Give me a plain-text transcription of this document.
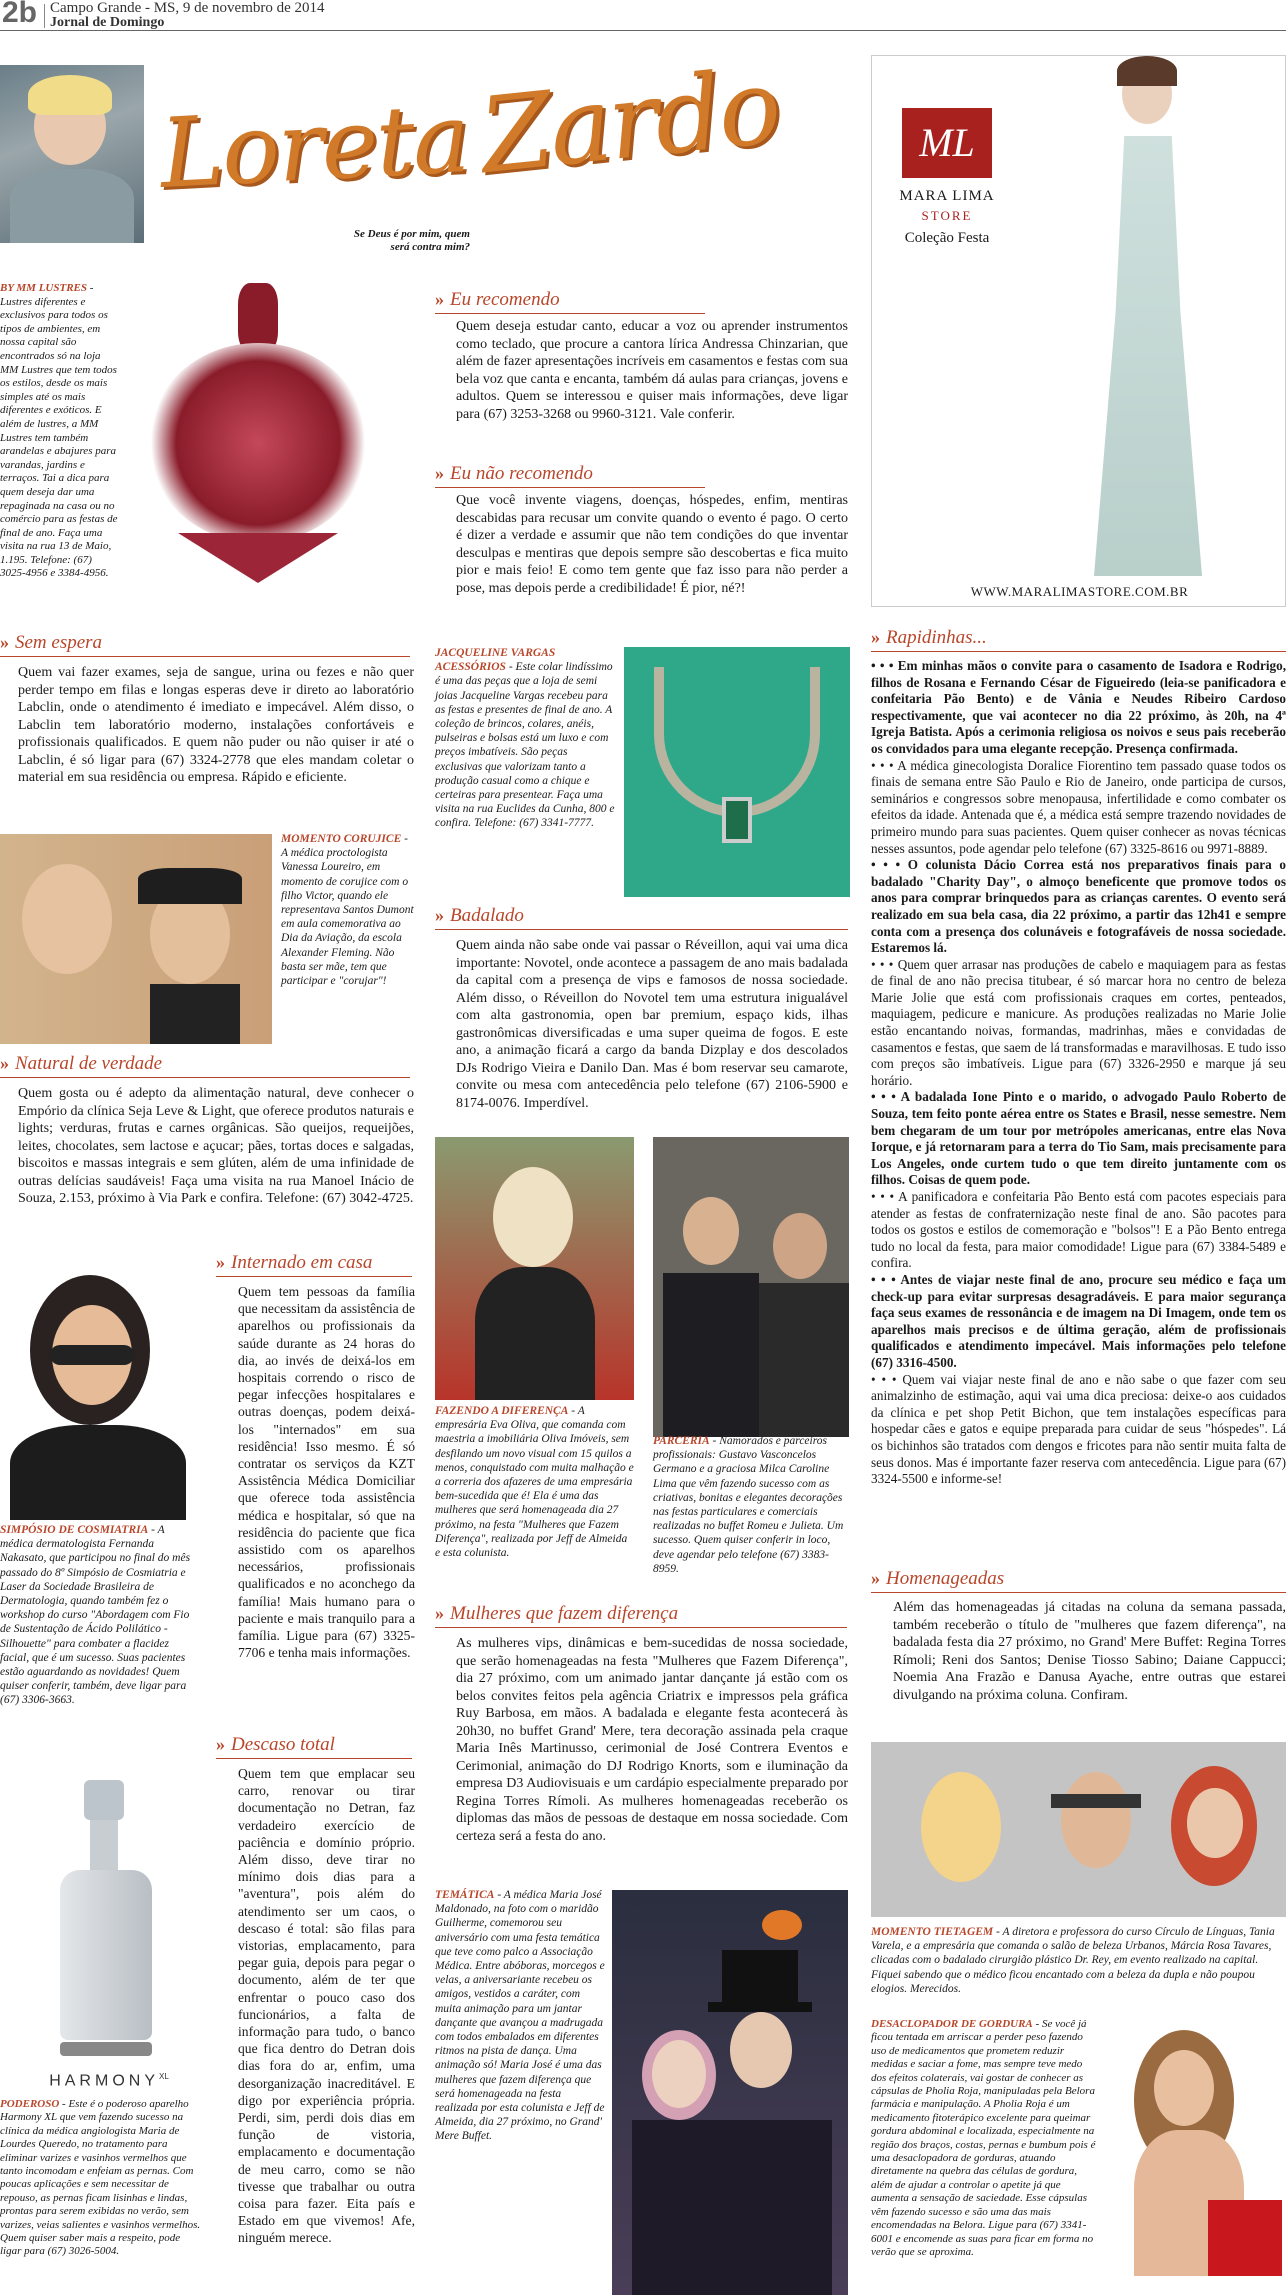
2b Campo Grande - MS, 9 de novembro de 2014
Jornal de Domingo
Loreta Zardo
Se Deus é por mim, quem
será contra mim?
ML
MARA LIMA
STORE
Coleção Festa
WWW.MARALIMASTORE.COM.BR
BY MM LUSTRES - Lustres diferentes e exclusivos para todos os tipos de ambientes, em nossa capital são encontrados só na loja MM Lustres que tem todos os estilos, desde os mais simples até os mais diferentes e exóticos. E além de lustres, a MM Lustres tem também arandelas e abajures para varandas, jardins e terraços. Tai a dica para quem deseja dar uma repaginada na casa ou no comércio para as festas de final de ano. Faça uma visita na rua 13 de Maio, 1.195. Telefone: (67) 3025-4956 e 3384-4956.
» Eu recomendo
Quem deseja estudar canto, educar a voz ou aprender instrumentos como teclado, que procure a cantora lírica Andressa Chinzarian, que além de fazer apresentações incríveis em casamentos e festas com sua bela voz que canta e encanta, também dá aulas para crianças, jovens e adultos. Quem se interessou e quiser mais informações, deve ligar para (67) 3253-3268 ou 9960-3121. Vale conferir.
» Eu não recomendo
Que você invente viagens, doenças, hóspedes, enfim, mentiras descabidas para recusar um convite quando o evento é pago. O certo é dizer a verdade e assumir que não tem condições do que inventar desculpas e mentiras que depois sempre são descobertas e fica muito pior e mais feio! E como tem gente que faz isso para não perder a pose, mas depois perde a credibilidade! É pior, né?!
» Sem espera
Quem vai fazer exames, seja de sangue, urina ou fezes e não quer perder tempo em filas e longas esperas deve ir direto ao laboratório Labclin, onde o atendimento é imediato e impecável. Além disso, o Labclin tem laboratório moderno, instalações confortáveis e profissionais qualificados. E quem não puder ou não quiser ir até o Labclin, é só ligar para (67) 3324-2778 que eles mandam coletar o material em sua residência ou empresa. Rápido e eficiente.
JACQUELINE VARGAS ACESSÓRIOS - Este colar lindíssimo é uma das peças que a loja de semi joias Jacqueline Vargas recebeu para as festas e presentes de final de ano. A coleção de brincos, colares, anéis, pulseiras e bolsas está um luxo e com preços imbatíveis. São peças exclusivas que valorizam tanto a produção casual como a chique e certeiras para presentear. Faça uma visita na rua Euclides da Cunha, 800 e confira. Telefone: (67) 3341-7777.
MOMENTO CORUJICE - A médica proctologista Vanessa Loureiro, em momento de corujice com o filho Victor, quando ele representava Santos Dumont em aula comemorativa ao Dia da Aviação, da escola Alexander Fleming. Não basta ser mãe, tem que participar e "corujar"!
» Badalado
Quem ainda não sabe onde vai passar o Réveillon, aqui vai uma dica importante: Novotel, onde acontece a passagem de ano mais badalada da capital com a presença de vips e famosos de nossa sociedade. Além disso, o Réveillon do Novotel tem uma estrutura inigualável com alta gastronomia, open bar premium, espaço kids, ilhas gastronômicas diversificadas e uma super queima de fogos. E este ano, a animação ficará a cargo da banda Dizplay e dos descolados DJs Rodrigo Vieira e Danilo Dan. Mas é bom reservar seu camarote, convite ou mesa com antecedência pelo telefone (67) 2106-5900 e 8174-0076. Imperdível.
» Natural de verdade
Quem gosta ou é adepto da alimentação natural, deve conhecer o Empório da clínica Seja Leve & Light, que oferece produtos naturais e lights; verduras, frutas e carnes orgânicas. São queijos, requeijões, leites, chocolates, sem lactose e açucar; pães, tortas doces e salgadas, biscoitos e massas integrais e sem glúten, além de uma infinidade de outras delícias saudáveis! Faça uma visita na rua Manoel Inácio de Souza, 2.153, próximo à Via Park e confira. Telefone: (67) 3042-4725.
» Rapidinhas...
• • • Em minhas mãos o convite para o casamento de Isadora e Rodrigo, filhos de Rosana e Fernando César de Figueiredo (leia-se panificadora e confeitaria Pão Bento) e de Vânia e Neudes Ribeiro Cardoso respectivamente, que vai acontecer no dia 22 próximo, às 20h, na 4ª Igreja Batista. Após a cerimonia religiosa os noivos e seus pais receberão os convidados para uma elegante recepção. Presença confirmada.
• • • A médica ginecologista Doralice Fiorentino tem passado quase todos os finais de semana entre São Paulo e Rio de Janeiro, onde participa de cursos, seminários e congressos sobre menopausa, infertilidade e como combater os efeitos da idade. Antenada que é, a médica está sempre trazendo novidades de primeiro mundo para suas pacientes. Quem quiser conhecer as novas técnicas nesses assuntos, pode agendar pelo telefone (67) 3325-8616 ou 9971-8889.
• • • O colunista Dácio Correa está nos preparativos finais para o badalado "Charity Day", o almoço beneficente que promove todos os anos para comprar brinquedos para as crianças carentes. O evento será realizado em sua bela casa, dia 22 próximo, a partir das 12h41 e sempre conta com a presença dos colunáveis e fotografáveis de nossa sociedade. Estaremos lá.
• • • Quem quer arrasar nas produções de cabelo e maquiagem para as festas de final de ano não precisa titubear, é só marcar hora no centro de beleza Marie Jolie que está com profissionais craques em cortes, penteados, maquiagem, pedicure e manicure. As produções realizadas no Marie Jolie estão encantando noivas, formandas, madrinhas, mães e convidadas de casamentos e festas, que saem de lá transformadas e maravilhosas. E tudo isso com preços são imbatíveis. Ligue para (67) 3326-2950 e marque já seu horário.
• • • A badalada Ione Pinto e o marido, o advogado Paulo Roberto de Souza, tem feito ponte aérea entre os States e Brasil, nesse semestre. Nem bem chegaram de um tour por metrópoles americanas, entre elas Nova Iorque, e já retornaram para a terra do Tio Sam, mais precisamente para Los Angeles, onde curtem tudo o que tem direito juntamente com os filhos. Coisas de quem pode.
• • • A panificadora e confeitaria Pão Bento está com pacotes especiais para atender as festas de confraternização neste final de ano. São pacotes para todos os gostos e estilos de comemoração e "bolsos"! E a Pão Bento entrega tudo no local da festa, para maior comodidade! Ligue para (67) 3384-5489 e confira.
• • • Antes de viajar neste final de ano, procure seu médico e faça um check-up para evitar surpresas desagradáveis. E para maior segurança faça seus exames de ressonância e de imagem na Di Imagem, onde tem os aparelhos mais precisos e de última geração, além de profissionais qualificados e atendimento impecável. Mais informações pelo telefone (67) 3316-4500.
• • • Quem vai viajar neste final de ano e não sabe o que fazer com seu animalzinho de estimação, aqui vai uma dica preciosa: deixe-o aos cuidados da clínica e pet shop Petit Bichon, que tem instalações específicas para hospedar cães e gatos e equipe preparada para cuidar de seus "hóspedes". Lá os bichinhos são tratados com dengos e fricotes para não sentir muita falta de seus donos. Mas é importante fazer reserva com antecedência. Ligue para (67) 3324-5500 e informe-se!
FAZENDO A DIFERENÇA - A empresária Eva Oliva, que comanda com maestria a imobiliária Oliva Imóveis, sem desfilando um novo visual com 15 quilos a menos, conquistado com muita malhação e a correria dos afazeres de uma empresária bem-sucedida que é! Ela é uma das mulheres que será homenageada dia 27 próximo, na festa "Mulheres que Fazem Diferença", realizada por Jeff de Almeida e esta colunista.
PARCERIA - Namorados e parceiros profissionais: Gustavo Vasconcelos Germano e a graciosa Milca Caroline Lima que vêm fazendo sucesso com as criativas, bonitas e elegantes decorações nas festas particulares e comerciais realizadas no buffet Romeu e Julieta. Um sucesso. Quem quiser conferir in loco, deve agendar pelo telefone (67) 3383-8959.
SIMPÓSIO DE COSMIATRIA - A médica dermatologista Fernanda Nakasato, que participou no final do mês passado do 8º Simpósio de Cosmiatria e Laser da Sociedade Brasileira de Dermatologia, quando também fez o workshop do curso "Abordagem com Fio de Sustentação de Ácido Polilático - Silhouette" para combater a flacidez facial, que é um sucesso. Suas pacientes estão aguardando as novidades! Quem quiser conferir, também, deve ligar para (67) 3306-3663.
» Internado em casa
Quem tem pessoas da família que necessitam da assistência de aparelhos ou profissionais da saúde durante as 24 horas do dia, ao invés de deixá-los em hospitais correndo o risco de pegar infecções hospitalares e outras doenças, podem deixá-los "internados" em sua residência! Isso mesmo. É só contratar os serviços da KZT Assistência Médica Domiciliar que oferece toda assistência médica e hospitalar, só que na residência do paciente que fica assistido com os aparelhos necessários, profissionais qualificados e no aconchego da família! Mais humano para o paciente e mais tranquilo para a família. Ligue para (67) 3325-7706 e tenha mais informações.
» Mulheres que fazem diferença
As mulheres vips, dinâmicas e bem-sucedidas de nossa sociedade, que serão homenageadas na festa "Mulheres que Fazem Diferença", dia 27 próximo, com um animado jantar dançante já estão com os belos convites feitos pela agência Criatrix e impressos pela gráfica Ruy Barbosa, em mãos. A badalada e elegante festa acontecerá às 20h30, no buffet Grand' Mere, tera decoração assinada pela craque Maria Inês Martinusso, cerimonial de José Contrera Eventos e Cerimonial, animação do DJ Rodrigo Knorts, som e iluminação da empresa D3 Audiovisuais e um cardápio especialmente preparado por Regina Torres Rímoli. As mulheres homenageadas receberão os diplomas das mãos de pessoas de destaque em nossa sociedade. Com certeza será a festa do ano.
» Homenageadas
Além das homenageadas já citadas na coluna da semana passada, também receberão o título de "mulheres que fazem diferença", na badalada festa dia 27 próximo, no Grand' Mere Buffet: Regina Torres Rímoli; Reni dos Santos; Denise Tiosso Sabino; Daiane Cappucci; Noemia Ana Frazão e Danusa Ayache, entre outras que estarei divulgando na próxima coluna. Confiram.
MOMENTO TIETAGEM - A diretora e professora do curso Círculo de Línguas, Tania Varela, e a empresária que comanda o salão de beleza Urbanos, Márcia Rosa Tavares, clicadas com o badalado cirurgião plástico Dr. Rey, em evento realizado na capital. Fiquei sabendo que o médico ficou encantado com a beleza da dupla e não poupou elogios. Merecidos.
» Descaso total
Quem tem que emplacar seu carro, renovar ou tirar documentação no Detran, faz verdadeiro exercício de paciência e domínio próprio. Além disso, deve tirar no mínimo dois dias para a "aventura", pois além do atendimento ser um caos, o descaso é total: são filas para vistorias, emplacamento, para pegar guia, depois para pegar o documento, além de ter que enfrentar o pouco caso dos funcionários, a falta de informação para tudo, o banco que fica dentro do Detran dois dias fora do ar, enfim, uma desorganização inacreditável. E digo por experiência própria. Perdi, sim, perdi dois dias em função de vistoria, emplacamento e documentação de meu carro, como se não tivesse que trabalhar ou outra coisa para fazer. Eita país e Estado em que vivemos! Afe, ninguém merece.
$HARMONY^{XL}$
PODEROSO - Este é o poderoso aparelho Harmony XL que vem fazendo sucesso na clínica da médica angiologista Maria de Lourdes Queredo, no tratamento para eliminar varizes e vasinhos vermelhos que tanto incomodam e enfeiam as pernas. Com poucas aplicações e sem necessitar de repouso, as pernas ficam lisinhas e lindas, prontas para serem exibidas no verão, sem varizes, veias salientes e vasinhos vermelhos. Quem quiser saber mais a respeito, pode ligar para (67) 3026-5004.
TEMÁTICA - A médica Maria José Maldonado, na foto com o maridão Guilherme, comemorou seu aniversário com uma festa temática que teve como palco a Associação Médica. Entre abóboras, morcegos e velas, a aniversariante recebeu os amigos, vestidos a caráter, com muita animação para um jantar dançante que avançou a madrugada com todos embalados em diferentes ritmos na pista de dança. Uma animação só! Maria José é uma das mulheres que fazem diferença que será homenageada na festa realizada por esta colunista e Jeff de Almeida, dia 27 próximo, no Grand' Mere Buffet.
DESACLOPADOR DE GORDURA - Se você já ficou tentada em arriscar a perder peso fazendo uso de medicamentos que prometem reduzir medidas e saciar a fome, mas sempre teve medo dos efeitos colaterais, vai gostar de conhecer as cápsulas de Pholia Roja, manipuladas pela Belora farmácia e manipulação. A Pholia Roja é um medicamento fitoterápico excelente para queimar gordura abdominal e localizada, especialmente na região dos braços, costas, pernas e bumbum pois é uma desaclopadora de gorduras, atuando diretamente na quebra das células de gordura, além de ajudar a controlar o apetite já que aumenta a sensação de saciedade. Esse cápsulas vêm fazendo sucesso e são uma das mais encomendadas na Belora. Ligue para (67) 3341-6001 e encomende as suas para ficar em forma no verão que se aproxima.
